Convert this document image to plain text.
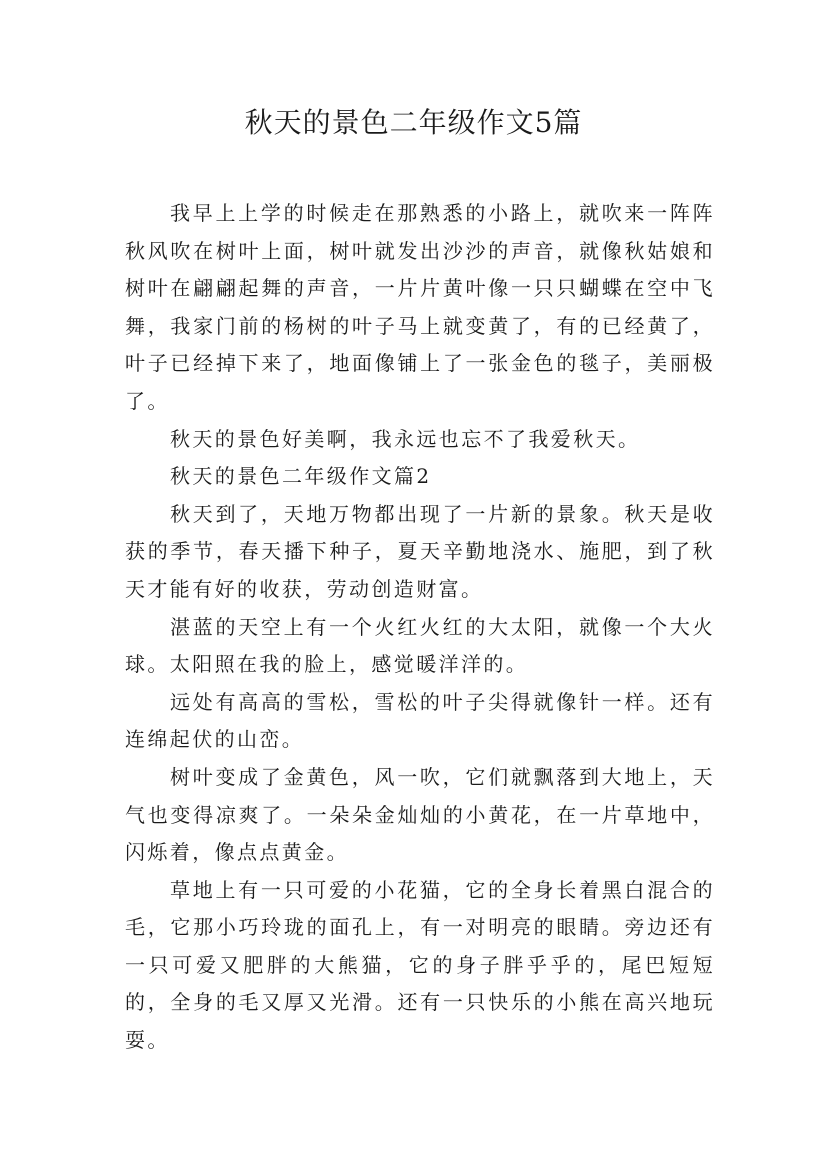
秋天的景色二年级作文5篇

我早上上学的时候走在那熟悉的小路上，就吹来一阵阵秋风吹在树叶上面，树叶就发出沙沙的声音，就像秋姑娘和树叶在翩翩起舞的声音，一片片黄叶像一只只蝴蝶在空中飞舞，我家门前的杨树的叶子马上就变黄了，有的已经黄了，叶子已经掉下来了，地面像铺上了一张金色的毯子，美丽极了。

秋天的景色好美啊，我永远也忘不了我爱秋天。

秋天的景色二年级作文篇2

秋天到了，天地万物都出现了一片新的景象。秋天是收获的季节，春天播下种子，夏天辛勤地浇水、施肥，到了秋天才能有好的收获，劳动创造财富。

湛蓝的天空上有一个火红火红的大太阳，就像一个大火球。太阳照在我的脸上，感觉暖洋洋的。

远处有高高的雪松，雪松的叶子尖得就像针一样。还有连绵起伏的山峦。

树叶变成了金黄色，风一吹，它们就飘落到大地上，天气也变得凉爽了。一朵朵金灿灿的小黄花，在一片草地中，闪烁着，像点点黄金。

草地上有一只可爱的小花猫，它的全身长着黑白混合的毛，它那小巧玲珑的面孔上，有一对明亮的眼睛。旁边还有一只可爱又肥胖的大熊猫，它的身子胖乎乎的，尾巴短短的，全身的毛又厚又光滑。还有一只快乐的小熊在高兴地玩耍。
